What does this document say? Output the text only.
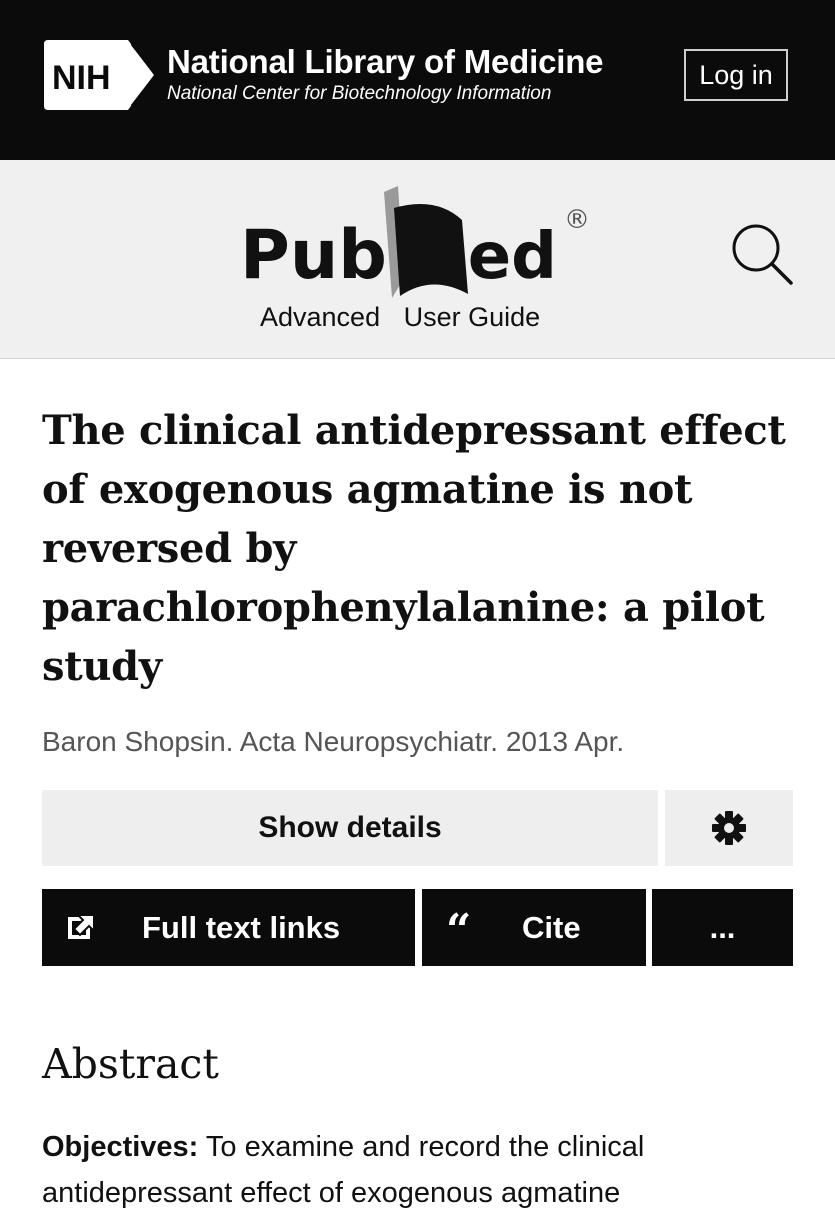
NIH National Library of Medicine
National Center for Biotechnology Information
Log in
Pub Med ®
Advanced User Guide
The clinical antidepressant effect of exogenous agmatine is not reversed by parachlorophenylalanine: a pilot study
Baron Shopsin. Acta Neuropsychiatr. 2013 Apr.
Show details
Full text links “ Cite	...
Abstract

Objectives: To examine and record the clinical antidepressant effect of exogenous agmatine
